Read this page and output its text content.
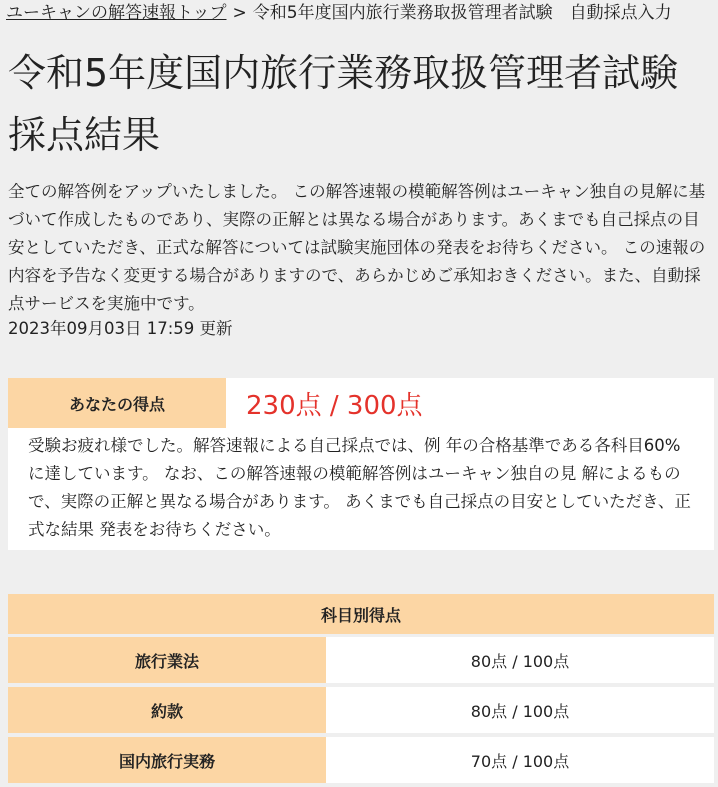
ユーキャンの解答速報トップ > 令和5年度国内旅行業務取扱管理者試験　自動採点入力
令和5年度国内旅行業務取扱管理者試験 採点結果

全ての解答例をアップいたしました。 この解答速報の模範解答例はユーキャン独自の見解に基づいて作成したものであり、実際の正解とは異なる場合があります。あくまでも自己採点の目安としていただき、正式な解答については試験実施団体の発表をお待ちください。 この速報の内容を予告なく変更する場合がありますので、あらかじめご承知おきください。また、自動採点サービスを実施中です。

2023年09月03日 17:59 更新
あなたの得点	230点 / 300点
受験お疲れ様でした。解答速報による自己採点では、例 年の合格基準である各科目60%に達しています。 なお、この解答速報の模範解答例はユーキャン独自の見 解によるもので、実際の正解と異なる場合があります。 あくまでも自己採点の目安としていただき、正式な結果 発表をお待ちください。
科目別得点	
旅行業法	80点 / 100点
約款	80点 / 100点
国内旅行実務	70点 / 100点
